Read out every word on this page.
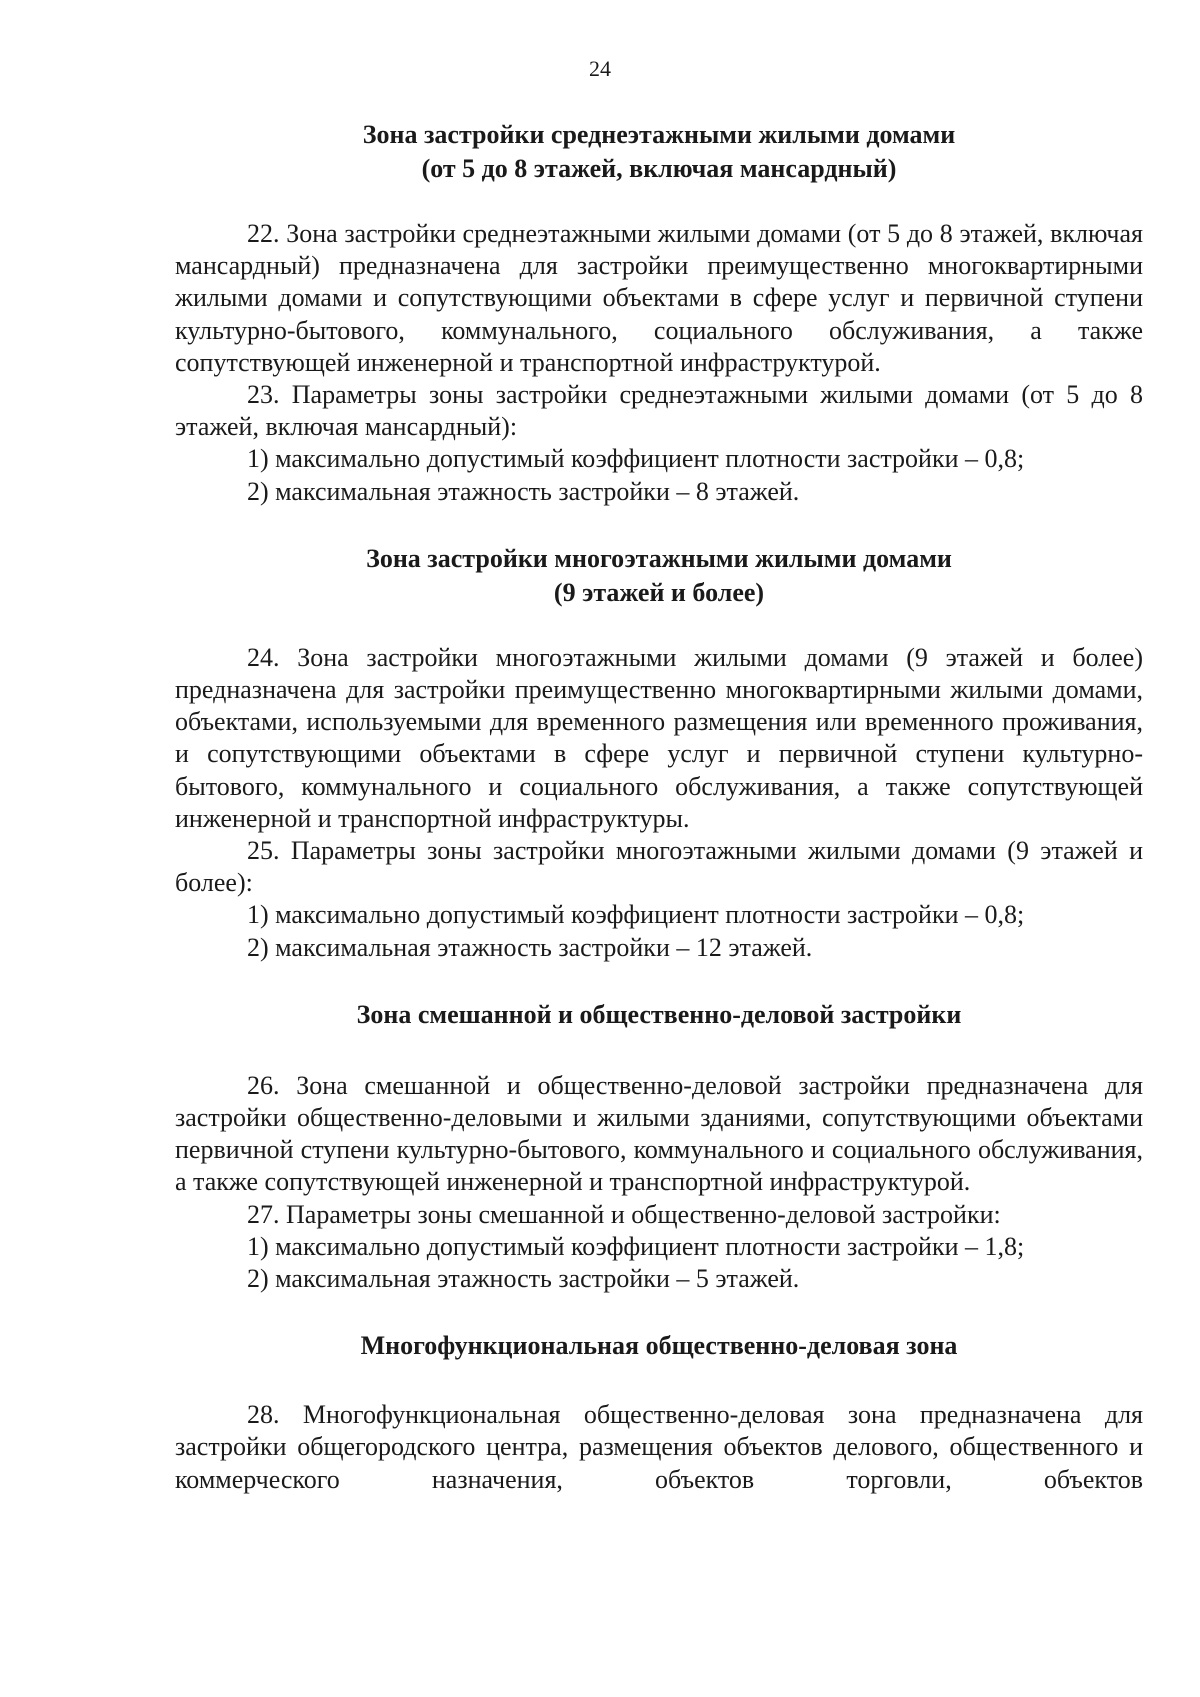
24
Зона застройки среднеэтажными жилыми домами
(от 5 до 8 этажей, включая мансардный)

22. Зона застройки среднеэтажными жилыми домами (от 5 до 8 этажей, включая мансардный) предназначена для застройки преимущественно многоквартирными жилыми домами и сопутствующими объектами в сфере услуг и первичной ступени культурно-бытового, коммунального, социального обслуживания, а также сопутствующей инженерной и транспортной инфраструктурой.

23. Параметры зоны застройки среднеэтажными жилыми домами (от 5 до 8 этажей, включая мансардный):

1) максимально допустимый коэффициент плотности застройки – 0,8;

2) максимальная этажность застройки – 8 этажей.

Зона застройки многоэтажными жилыми домами
(9 этажей и более)

24. Зона застройки многоэтажными жилыми домами (9 этажей и более) предназначена для застройки преимущественно многоквартирными жилыми домами, объектами, используемыми для временного размещения или временного проживания, и сопутствующими объектами в сфере услуг и первичной ступени культурно-бытового, коммунального и социального обслуживания, а также сопутствующей инженерной и транспортной инфраструктуры.

25. Параметры зоны застройки многоэтажными жилыми домами (9 этажей и более):

1) максимально допустимый коэффициент плотности застройки – 0,8;

2) максимальная этажность застройки – 12 этажей.

Зона смешанной и общественно-деловой застройки

26. Зона смешанной и общественно-деловой застройки предназначена для застройки общественно-деловыми и жилыми зданиями, сопутствующими объектами первичной ступени культурно-бытового, коммунального и социального обслуживания, а также сопутствующей инженерной и транспортной инфраструктурой.

27. Параметры зоны смешанной и общественно-деловой застройки:

1) максимально допустимый коэффициент плотности застройки – 1,8;

2) максимальная этажность застройки – 5 этажей.

Многофункциональная общественно-деловая зона

28. Многофункциональная общественно-деловая зона предназначена для застройки общегородского центра, размещения объектов делового, общественного и коммерческого назначения, объектов торговли, объектов
